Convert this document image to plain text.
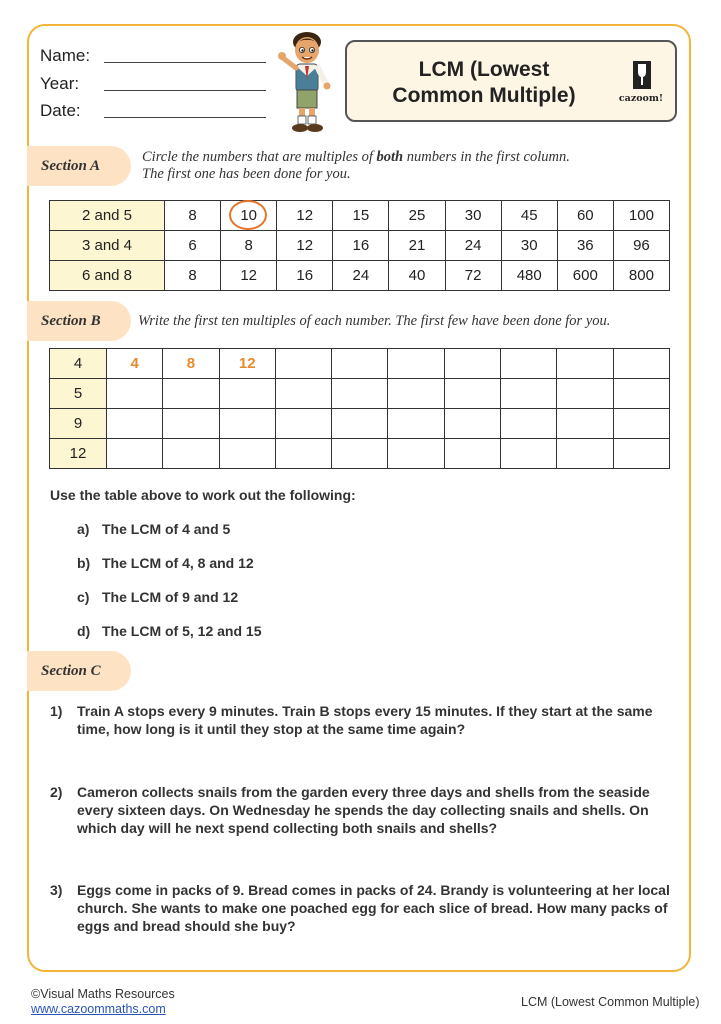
Name:
Year:
Date:
LCM (Lowest
Common Multiple)	cazoom!
Section A
Circle the numbers that are multiples of both numbers in the first column.
The first one has been done for you.
2 and 5	8	10	12	15	25	30	45	60	100
3 and 4	6	8	12	16	21	24	30	36	96
6 and 8	8	12	16	24	40	72	480	600	800
Section B	Write the first ten multiples of each number. The first few have been done for you.
4	4	8	12							
5										
9										
12										
Use the table above to work out the following:
a) The LCM of 4 and 5
b) The LCM of 4, 8 and 12
c) The LCM of 9 and 12
d) The LCM of 5, 12 and 15
Section C
1) Train A stops every 9 minutes. Train B stops every 15 minutes. If they start at the same time, how long is it until they stop at the same time again?
2) Cameron collects snails from the garden every three days and shells from the seaside every sixteen days. On Wednesday he spends the day collecting snails and shells. On which day will he next spend collecting both snails and shells?
3) Eggs come in packs of 9. Bread comes in packs of 24. Brandy is volunteering at her local church. She wants to make one poached egg for each slice of bread. How many packs of eggs and bread should she buy?
©Visual Maths Resources
www.cazoommaths.com	LCM (Lowest Common Multiple)
